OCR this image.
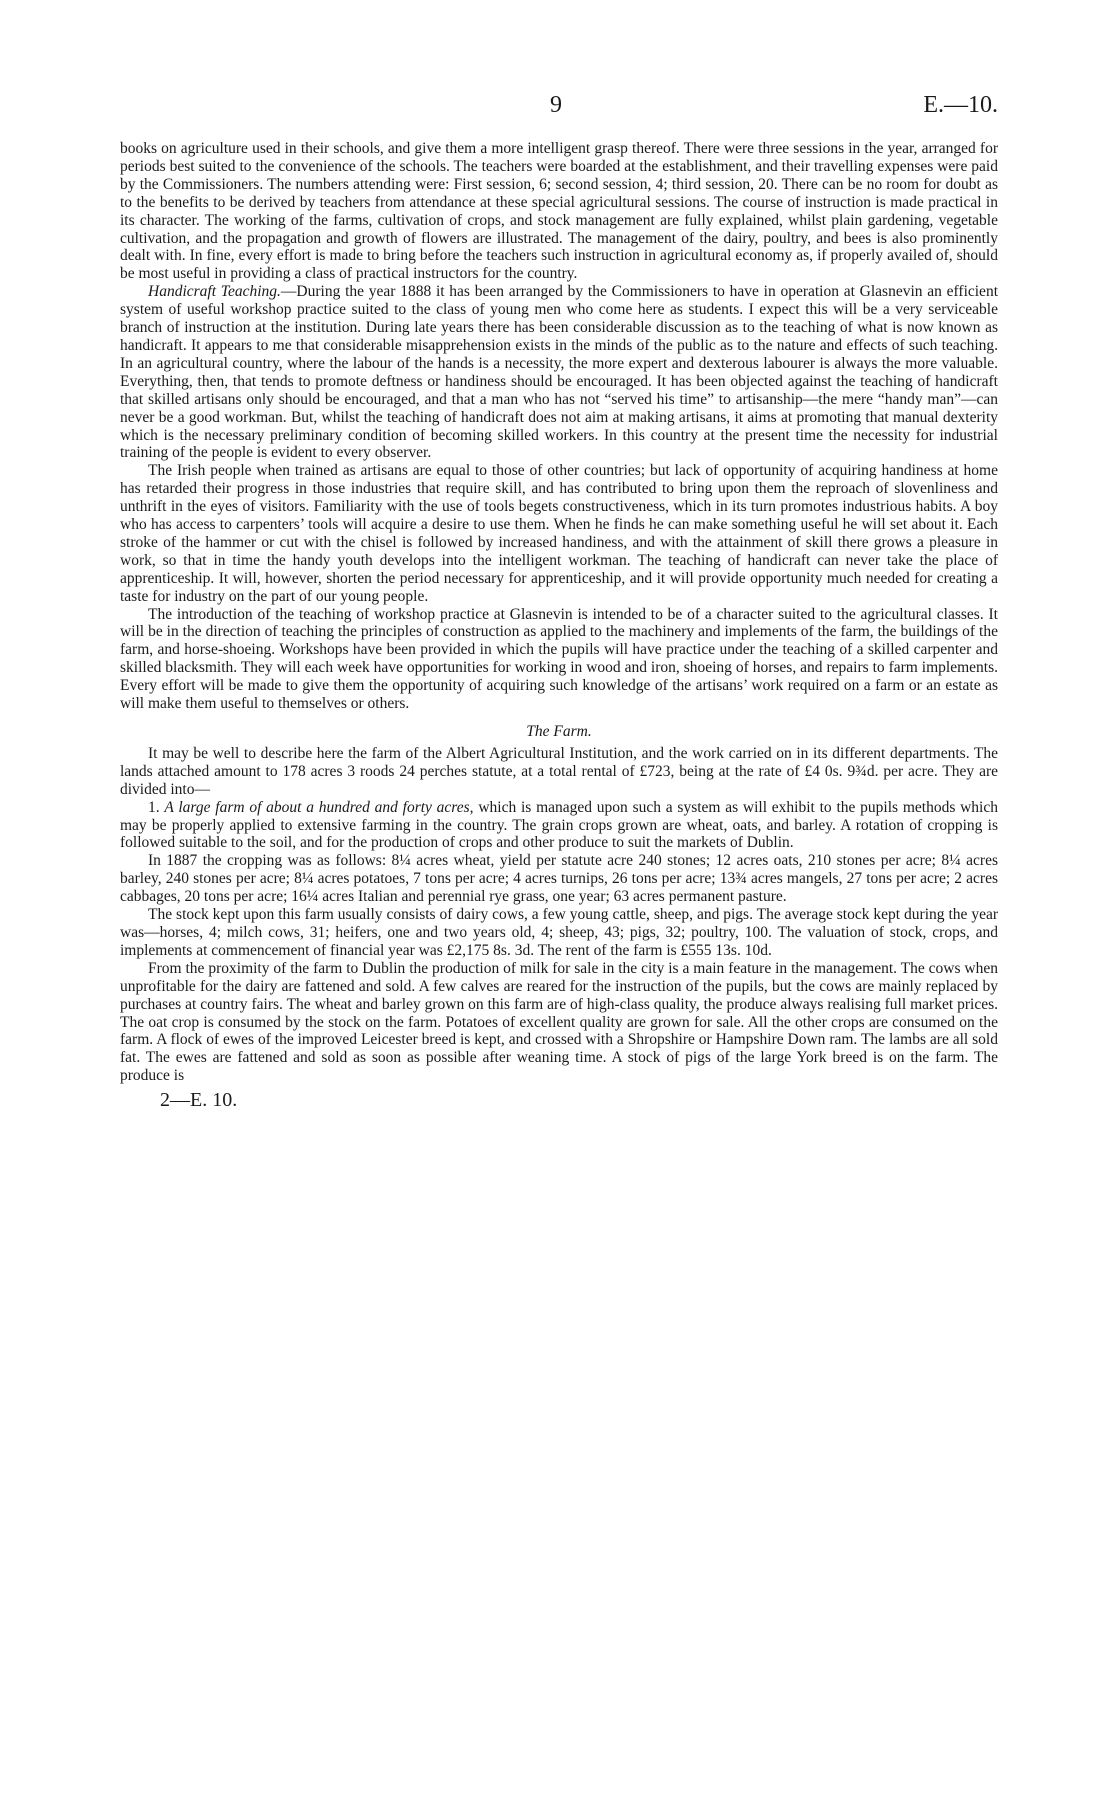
9	E.—10.

books on agriculture used in their schools, and give them a more intelligent grasp thereof. There were three sessions in the year, arranged for periods best suited to the convenience of the schools. The teachers were boarded at the establishment, and their travelling expenses were paid by the Commissioners. The numbers attending were: First session, 6; second session, 4; third session, 20. There can be no room for doubt as to the benefits to be derived by teachers from attendance at these special agricultural sessions. The course of instruction is made practical in its character. The working of the farms, cultivation of crops, and stock management are fully explained, whilst plain gardening, vegetable cultivation, and the propagation and growth of flowers are illustrated. The management of the dairy, poultry, and bees is also prominently dealt with. In fine, every effort is made to bring before the teachers such instruction in agricultural economy as, if properly availed of, should be most useful in providing a class of practical instructors for the country.

Handicraft Teaching.—During the year 1888 it has been arranged by the Commissioners to have in operation at Glasnevin an efficient system of useful workshop practice suited to the class of young men who come here as students. I expect this will be a very serviceable branch of instruction at the institution. During late years there has been considerable discussion as to the teaching of what is now known as handicraft. It appears to me that considerable misapprehension exists in the minds of the public as to the nature and effects of such teaching. In an agricultural country, where the labour of the hands is a necessity, the more expert and dexterous labourer is always the more valuable. Everything, then, that tends to promote deftness or handiness should be encouraged. It has been objected against the teaching of handicraft that skilled artisans only should be encouraged, and that a man who has not “served his time” to artisanship—the mere “handy man”—can never be a good workman. But, whilst the teaching of handicraft does not aim at making artisans, it aims at promoting that manual dexterity which is the necessary preliminary condition of becoming skilled workers. In this country at the present time the necessity for industrial training of the people is evident to every observer.

The Irish people when trained as artisans are equal to those of other countries; but lack of opportunity of acquiring handiness at home has retarded their progress in those industries that require skill, and has contributed to bring upon them the reproach of slovenliness and unthrift in the eyes of visitors. Familiarity with the use of tools begets constructiveness, which in its turn promotes industrious habits. A boy who has access to carpenters’ tools will acquire a desire to use them. When he finds he can make something useful he will set about it. Each stroke of the hammer or cut with the chisel is followed by increased handiness, and with the attainment of skill there grows a pleasure in work, so that in time the handy youth develops into the intelligent workman. The teaching of handicraft can never take the place of apprenticeship. It will, however, shorten the period necessary for apprenticeship, and it will provide opportunity much needed for creating a taste for industry on the part of our young people.

The introduction of the teaching of workshop practice at Glasnevin is intended to be of a character suited to the agricultural classes. It will be in the direction of teaching the principles of construction as applied to the machinery and implements of the farm, the buildings of the farm, and horse-shoeing. Workshops have been provided in which the pupils will have practice under the teaching of a skilled carpenter and skilled blacksmith. They will each week have opportunities for working in wood and iron, shoeing of horses, and repairs to farm implements. Every effort will be made to give them the opportunity of acquiring such knowledge of the artisans’ work required on a farm or an estate as will make them useful to themselves or others.

The Farm.

It may be well to describe here the farm of the Albert Agricultural Institution, and the work carried on in its different departments. The lands attached amount to 178 acres 3 roods 24 perches statute, at a total rental of £723, being at the rate of £4 0s. 9¾d. per acre. They are divided into—

1. A large farm of about a hundred and forty acres, which is managed upon such a system as will exhibit to the pupils methods which may be properly applied to extensive farming in the country. The grain crops grown are wheat, oats, and barley. A rotation of cropping is followed suitable to the soil, and for the production of crops and other produce to suit the markets of Dublin.

In 1887 the cropping was as follows: 8¼ acres wheat, yield per statute acre 240 stones; 12 acres oats, 210 stones per acre; 8¼ acres barley, 240 stones per acre; 8¼ acres potatoes, 7 tons per acre; 4 acres turnips, 26 tons per acre; 13¾ acres mangels, 27 tons per acre; 2 acres cabbages, 20 tons per acre; 16¼ acres Italian and perennial rye grass, one year; 63 acres permanent pasture.

The stock kept upon this farm usually consists of dairy cows, a few young cattle, sheep, and pigs. The average stock kept during the year was—horses, 4; milch cows, 31; heifers, one and two years old, 4; sheep, 43; pigs, 32; poultry, 100. The valuation of stock, crops, and implements at commencement of financial year was £2,175 8s. 3d. The rent of the farm is £555 13s. 10d.

From the proximity of the farm to Dublin the production of milk for sale in the city is a main feature in the management. The cows when unprofitable for the dairy are fattened and sold. A few calves are reared for the instruction of the pupils, but the cows are mainly replaced by purchases at country fairs. The wheat and barley grown on this farm are of high-class quality, the produce always realising full market prices. The oat crop is consumed by the stock on the farm. Potatoes of excellent quality are grown for sale. All the other crops are consumed on the farm. A flock of ewes of the improved Leicester breed is kept, and crossed with a Shropshire or Hampshire Down ram. The lambs are all sold fat. The ewes are fattened and sold as soon as possible after weaning time. A stock of pigs of the large York breed is on the farm. The produce is

2—E. 10.
